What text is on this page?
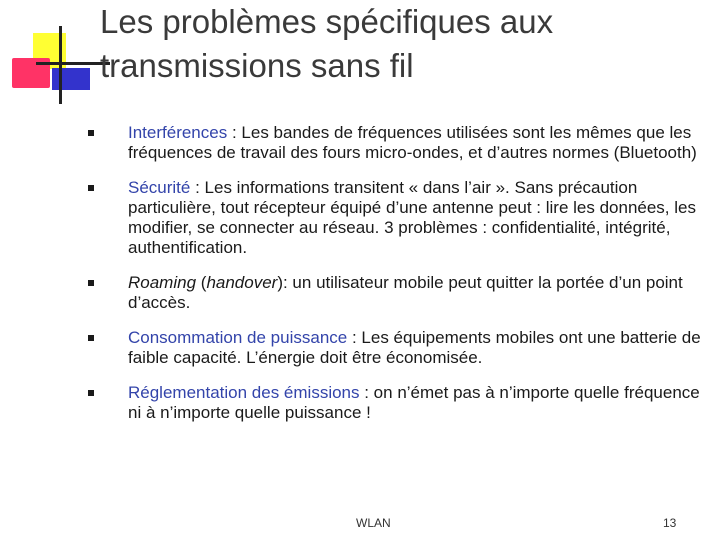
Les problèmes spécifiques aux
transmissions sans fil
Interférences : Les bandes de fréquences utilisées sont les mêmes que les fréquences de travail des fours micro-ondes, et d’autres normes (Bluetooth)
Sécurité : Les informations transitent « dans l’air ». Sans précaution particulière, tout récepteur équipé d’une antenne peut : lire les données, les modifier, se connecter au réseau. 3 problèmes : confidentialité, intégrité, authentification.
Roaming (handover): un utilisateur mobile peut quitter la portée d’un point d’accès.
Consommation de puissance : Les équipements mobiles ont une batterie de faible capacité. L’énergie doit être économisée.
Réglementation des émissions : on n’émet pas à n’importe quelle fréquence ni à n’importe quelle puissance !
WLAN	13
